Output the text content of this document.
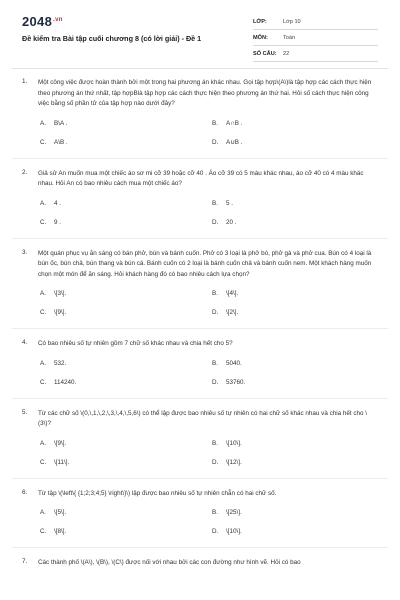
$2048^{.vn}$
Đề kiểm tra Bài tập cuối chương 8 (có lời giải) - Đề 1
LỚP:	Lớp 10
MÔN:	Toán
SỐ CÂU:	22
1. Một công việc được hoàn thành bởi một trong hai phương án khác nhau. Gọi tập hợp\(A\)là tập hợp các cách thực hiện theo phương án thứ nhất, tập hợpBlà tập hợp các cách thực hiện theo phương án thứ hai. Hỏi số cách thực hiện công việc bằng số phần tử của tập hợp nào dưới đây?
A.	B\A .	B.	A∩B .
C.	A\B .	D.	A∪B .
2. Giả sử An muốn mua một chiếc áo sơ mi cỡ 39 hoặc cỡ 40 . Áo cỡ 39 có 5 màu khác nhau, áo cỡ 40 có 4 màu khác nhau. Hỏi An có bao nhiêu cách mua một chiếc áo?
A.	4 .	B.	5 .
C.	9 .	D.	20 .
3. Một quán phục vụ ăn sáng có bán phở, bún và bánh cuốn. Phở có 3 loại là phở bò, phở gà và phở cua. Bún có 4 loại là bún ốc, bún chả, bún thang và bún cá. Bánh cuốn có 2 loại là bánh cuốn chả và bánh cuốn nem. Một khách hàng muốn chọn một món để ăn sáng. Hỏi khách hàng đó có bao nhiêu cách lựa chọn?
A.	\[3\].	B.	\[4\].
C.	\[9\].	D.	\[2\].
4. Có bao nhiêu số tự nhiên gồm 7 chữ số khác nhau và chia hết cho 5?
A.	532.	B.	5040.
C.	114240.	D.	53760.
5. Từ các chữ số \(0,\,1,\,2,\,3,\,4,\,5,6\) có thể lập được bao nhiêu số tự nhiên có hai chữ số khác nhau và chia hết cho \(3\)?
A.	\[9\].	B.	\[10\].
C.	\[11\].	D.	\[12\].
6. Từ tập \(\left\{ {1;2;3;4;5} \right\}\) lập được bao nhiêu số tự nhiên chẵn có hai chữ số.
A.	\[5\].	B.	\[25\].
C.	\[8\].	D.	\[10\].
7. Các thành phố \(A\), \(B\), \(C\) được nối với nhau bởi các con đường như hình vẽ. Hỏi có bao
